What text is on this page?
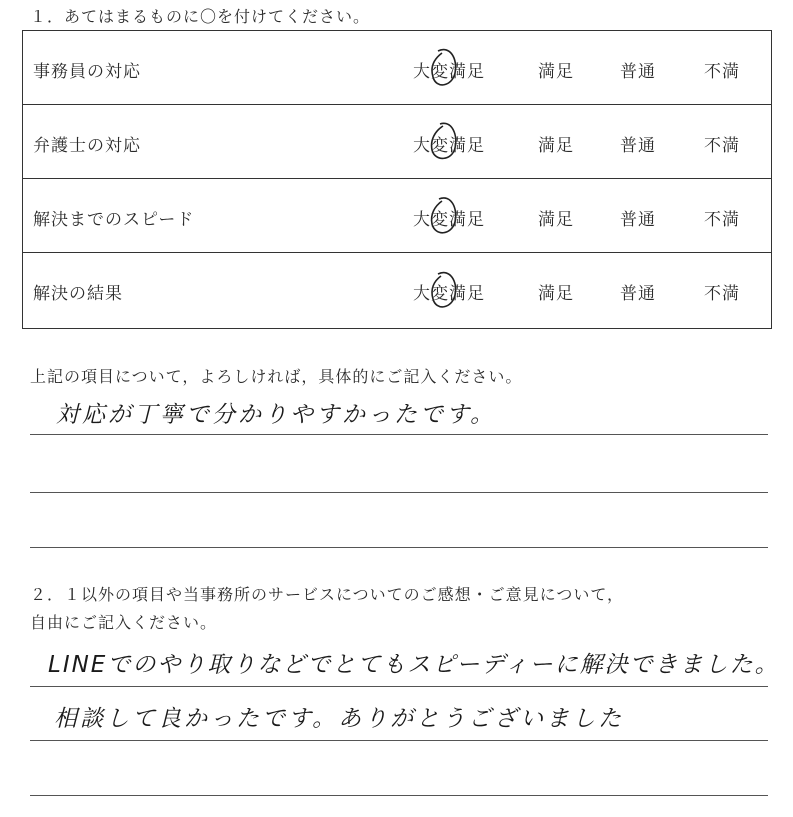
１．あてはまるものに〇を付けてください。
事務員の対応	大変満足	満足	普通	不満
弁護士の対応	大変満足	満足	普通	不満
解決までのスピード	大変満足	満足	普通	不満
解決の結果	大変満足	満足	普通	不満
上記の項目について，よろしければ，具体的にご記入ください。
対応が丁寧で分かりやすかったです。
２．１以外の項目や当事務所のサービスについてのご感想・ご意見について，
自由にご記入ください。
LINEでのやり取りなどでとてもスピーディーに解決できました。
相談して良かったです。ありがとうございました
